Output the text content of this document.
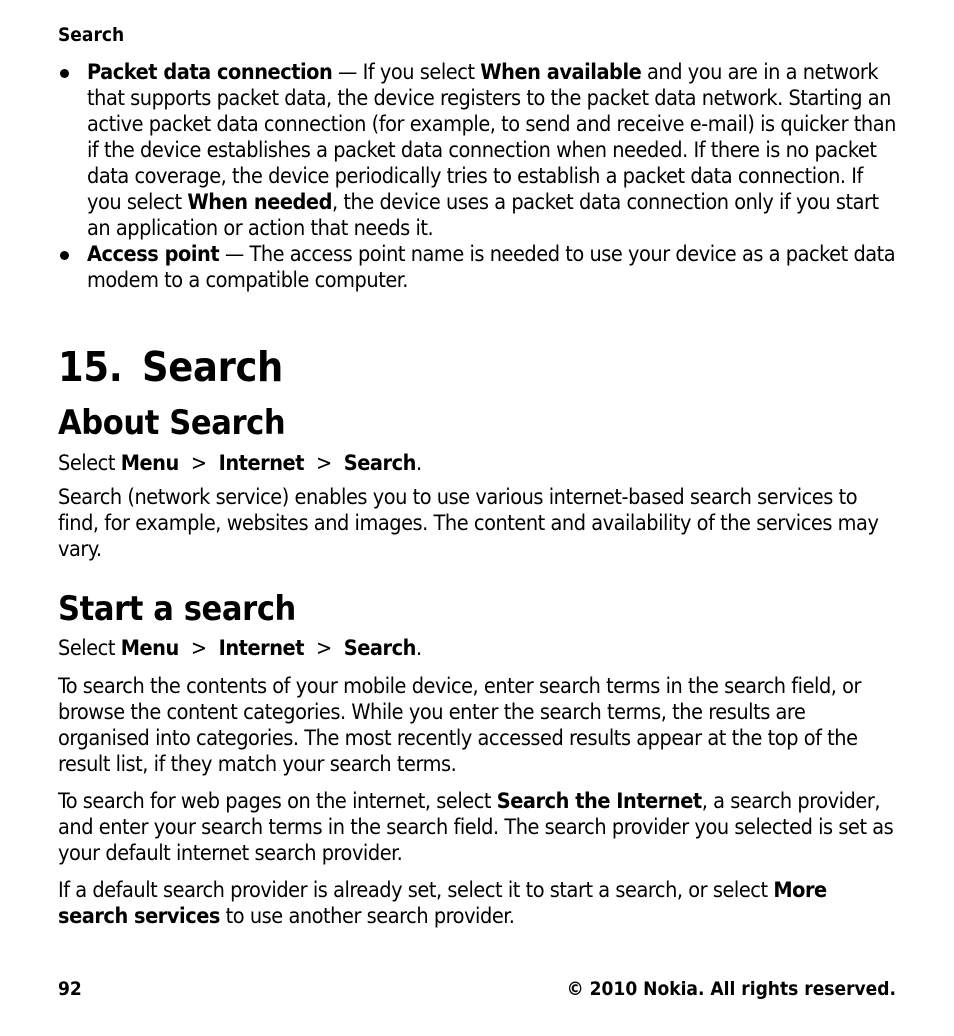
Search
Packet data connection — If you select When available and you are in a network that supports packet data, the device registers to the packet data network. Starting an active packet data connection (for example, to send and receive e-mail) is quicker than if the device establishes a packet data connection when needed. If there is no packet data coverage, the device periodically tries to establish a packet data connection. If you select When needed, the device uses a packet data connection only if you start an application or action that needs it.
Access point — The access point name is needed to use your device as a packet data modem to a compatible computer.
15. Search
About Search

Select Menu > Internet > Search.

Search (network service) enables you to use various internet-based search services to find, for example, websites and images. The content and availability of the services may vary.

Start a search

Select Menu > Internet > Search.

To search the contents of your mobile device, enter search terms in the search field, or browse the content categories. While you enter the search terms, the results are organised into categories. The most recently accessed results appear at the top of the result list, if they match your search terms.

To search for web pages on the internet, select Search the Internet, a search provider, and enter your search terms in the search field. The search provider you selected is set as your default internet search provider.

If a default search provider is already set, select it to start a search, or select More search services to use another search provider.

92	© 2010 Nokia. All rights reserved.
